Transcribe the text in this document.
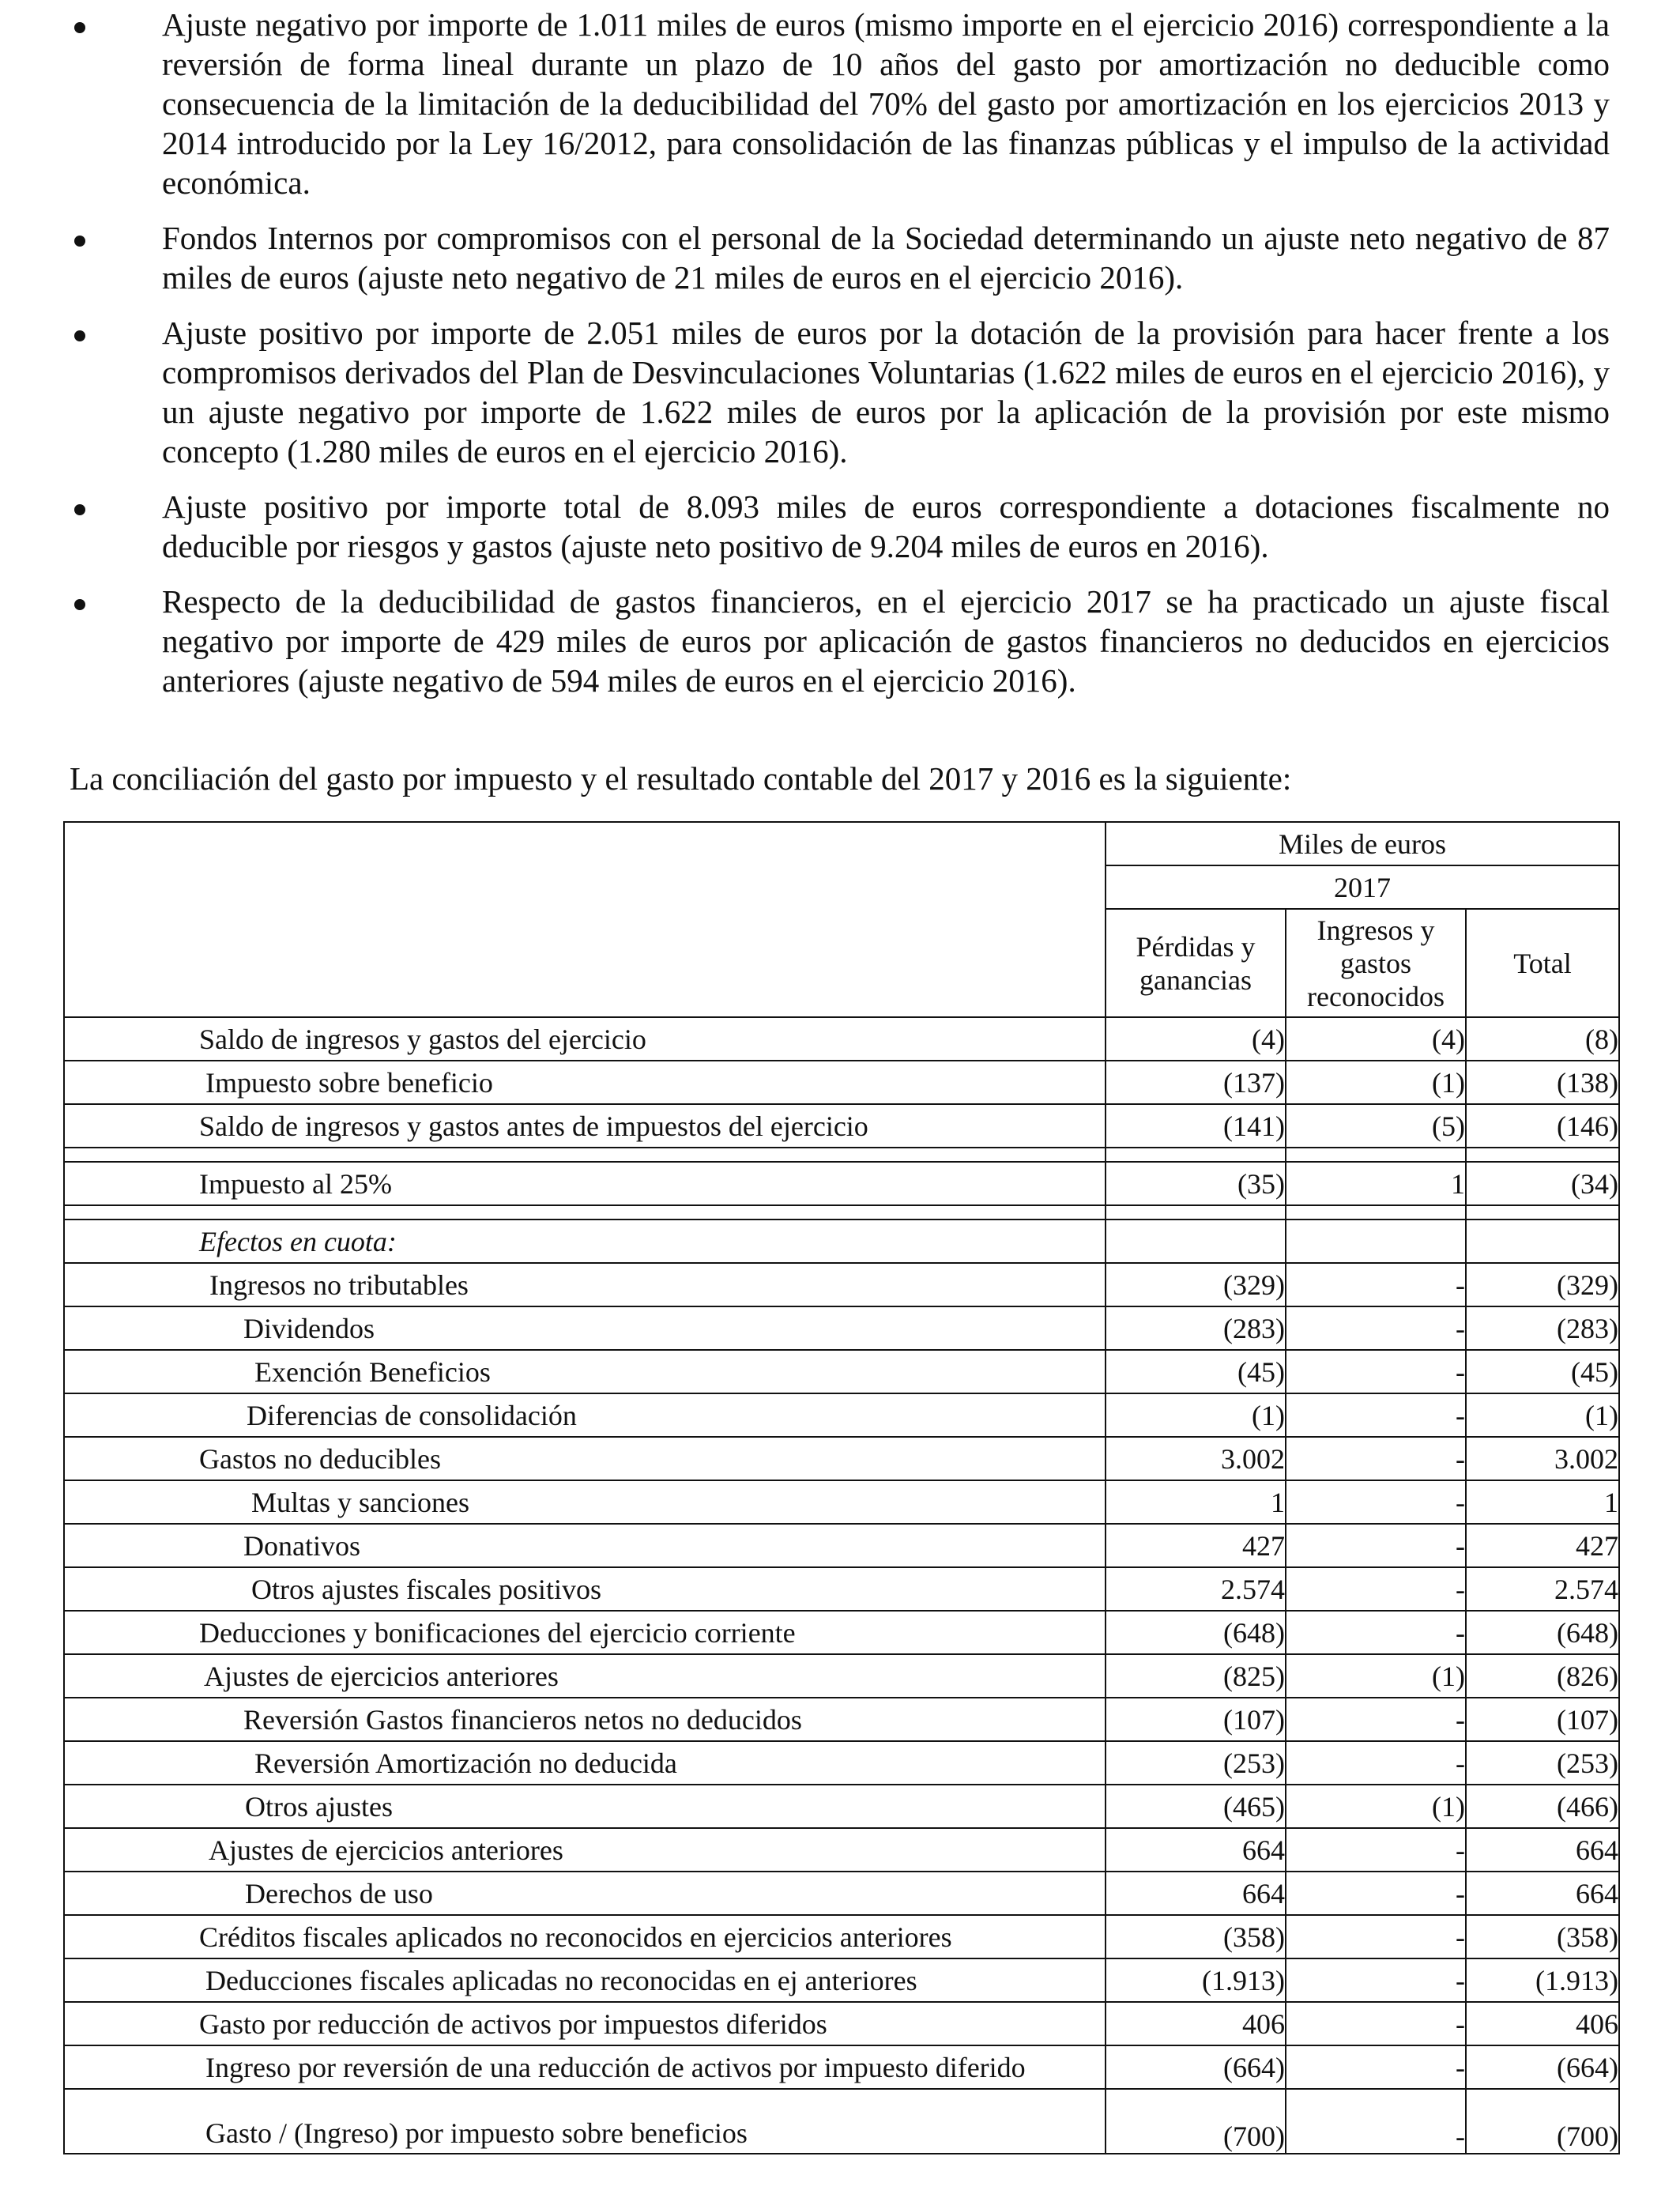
Ajuste negativo por importe de 1.011 miles de euros (mismo importe en el ejercicio 2016) correspondiente a la reversión de forma lineal durante un plazo de 10 años del gasto por amortización no deducible como consecuencia de la limitación de la deducibilidad del 70% del gasto por amortización en los ejercicios 2013 y 2014 introducido por la Ley 16/2012, para consolidación de las finanzas públicas y el impulso de la actividad económica.
Fondos Internos por compromisos con el personal de la Sociedad determinando un ajuste neto negativo de 87 miles de euros (ajuste neto negativo de 21 miles de euros en el ejercicio 2016).
Ajuste positivo por importe de 2.051 miles de euros por la dotación de la provisión para hacer frente a los compromisos derivados del Plan de Desvinculaciones Voluntarias (1.622 miles de euros en el ejercicio 2016), y un ajuste negativo por importe de 1.622 miles de euros por la aplicación de la provisión por este mismo concepto (1.280 miles de euros en el ejercicio 2016).
Ajuste positivo por importe total de 8.093 miles de euros correspondiente a dotaciones fiscalmente no deducible por riesgos y gastos (ajuste neto positivo de 9.204 miles de euros en 2016).
Respecto de la deducibilidad de gastos financieros, en el ejercicio 2017 se ha practicado un ajuste fiscal negativo por importe de 429 miles de euros por aplicación de gastos financieros no deducidos en ejercicios anteriores (ajuste negativo de 594 miles de euros en el ejercicio 2016).
La conciliación del gasto por impuesto y el resultado contable del 2017 y 2016 es la siguiente:
	Miles de euros		
	2017		
	Pérdidas y ganancias	Ingresos y gastos reconocidos	Total
Saldo de ingresos y gastos del ejercicio	(4)	(4)	(8)
Impuesto sobre beneficio	(137)	(1)	(138)
Saldo de ingresos y gastos antes de impuestos del ejercicio	(141)	(5)	(146)

Impuesto al 25%	(35)	1	(34)

Efectos en cuota:			
Ingresos no tributables	(329)	-	(329)
Dividendos	(283)	-	(283)
Exención Beneficios	(45)	-	(45)
Diferencias de consolidación	(1)	-	(1)
Gastos no deducibles	3.002	-	3.002
Multas y sanciones	1	-	1
Donativos	427	-	427
Otros ajustes fiscales positivos	2.574	-	2.574
Deducciones y bonificaciones del ejercicio corriente	(648)	-	(648)
Ajustes de ejercicios anteriores	(825)	(1)	(826)
Reversión Gastos financieros netos no deducidos	(107)	-	(107)
Reversión Amortización no deducida	(253)	-	(253)
Otros ajustes	(465)	(1)	(466)
Ajustes de ejercicios anteriores	664	-	664
Derechos de uso	664	-	664
Créditos fiscales aplicados no reconocidos en ejercicios anteriores	(358)	-	(358)
Deducciones fiscales aplicadas no reconocidas en ej anteriores	(1.913)	-	(1.913)
Gasto por reducción de activos por impuestos diferidos	406	-	406
Ingreso por reversión de una reducción de activos por impuesto diferido	(664)	-	(664)
Gasto / (Ingreso) por impuesto sobre beneficios	(700)	-	(700)
